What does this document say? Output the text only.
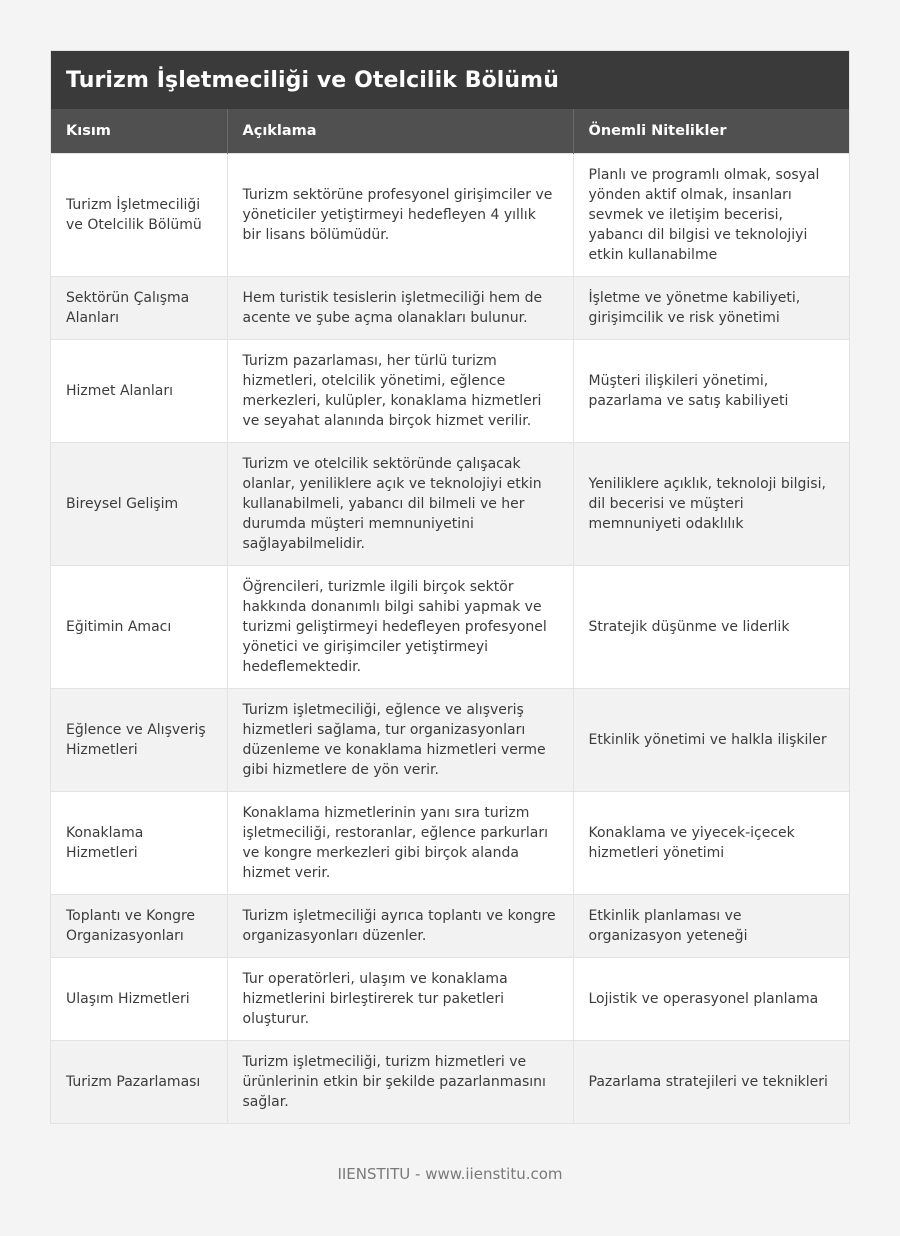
Turizm İşletmeciliği ve Otelcilik Bölümü
Kısım	Açıklama	Önemli Nitelikler
Turizm İşletmeciliği ve Otelcilik Bölümü	Turizm sektörüne profesyonel girişimciler ve yöneticiler yetiştirmeyi hedefleyen 4 yıllık bir lisans bölümüdür.	Planlı ve programlı olmak, sosyal yönden aktif olmak, insanları sevmek ve iletişim becerisi, yabancı dil bilgisi ve teknolojiyi etkin kullanabilme
Sektörün Çalışma Alanları	Hem turistik tesislerin işletmeciliği hem de acente ve şube açma olanakları bulunur.	İşletme ve yönetme kabiliyeti, girişimcilik ve risk yönetimi
Hizmet Alanları	Turizm pazarlaması, her türlü turizm hizmetleri, otelcilik yönetimi, eğlence merkezleri, kulüpler, konaklama hizmetleri ve seyahat alanında birçok hizmet verilir.	Müşteri ilişkileri yönetimi, pazarlama ve satış kabiliyeti
Bireysel Gelişim	Turizm ve otelcilik sektöründe çalışacak olanlar, yeniliklere açık ve teknolojiyi etkin kullanabilmeli, yabancı dil bilmeli ve her durumda müşteri memnuniyetini sağlayabilmelidir.	Yeniliklere açıklık, teknoloji bilgisi, dil becerisi ve müşteri memnuniyeti odaklılık
Eğitimin Amacı	Öğrencileri, turizmle ilgili birçok sektör hakkında donanımlı bilgi sahibi yapmak ve turizmi geliştirmeyi hedefleyen profesyonel yönetici ve girişimciler yetiştirmeyi hedeflemektedir.	Stratejik düşünme ve liderlik
Eğlence ve Alışveriş Hizmetleri	Turizm işletmeciliği, eğlence ve alışveriş hizmetleri sağlama, tur organizasyonları düzenleme ve konaklama hizmetleri verme gibi hizmetlere de yön verir.	Etkinlik yönetimi ve halkla ilişkiler
Konaklama Hizmetleri	Konaklama hizmetlerinin yanı sıra turizm işletmeciliği, restoranlar, eğlence parkurları ve kongre merkezleri gibi birçok alanda hizmet verir.	Konaklama ve yiyecek-içecek hizmetleri yönetimi
Toplantı ve Kongre Organizasyonları	Turizm işletmeciliği ayrıca toplantı ve kongre organizasyonları düzenler.	Etkinlik planlaması ve organizasyon yeteneği
Ulaşım Hizmetleri	Tur operatörleri, ulaşım ve konaklama hizmetlerini birleştirerek tur paketleri oluşturur.	Lojistik ve operasyonel planlama
Turizm Pazarlaması	Turizm işletmeciliği, turizm hizmetleri ve ürünlerinin etkin bir şekilde pazarlanmasını sağlar.	Pazarlama stratejileri ve teknikleri
IIENSTITU - www.iienstitu.com
